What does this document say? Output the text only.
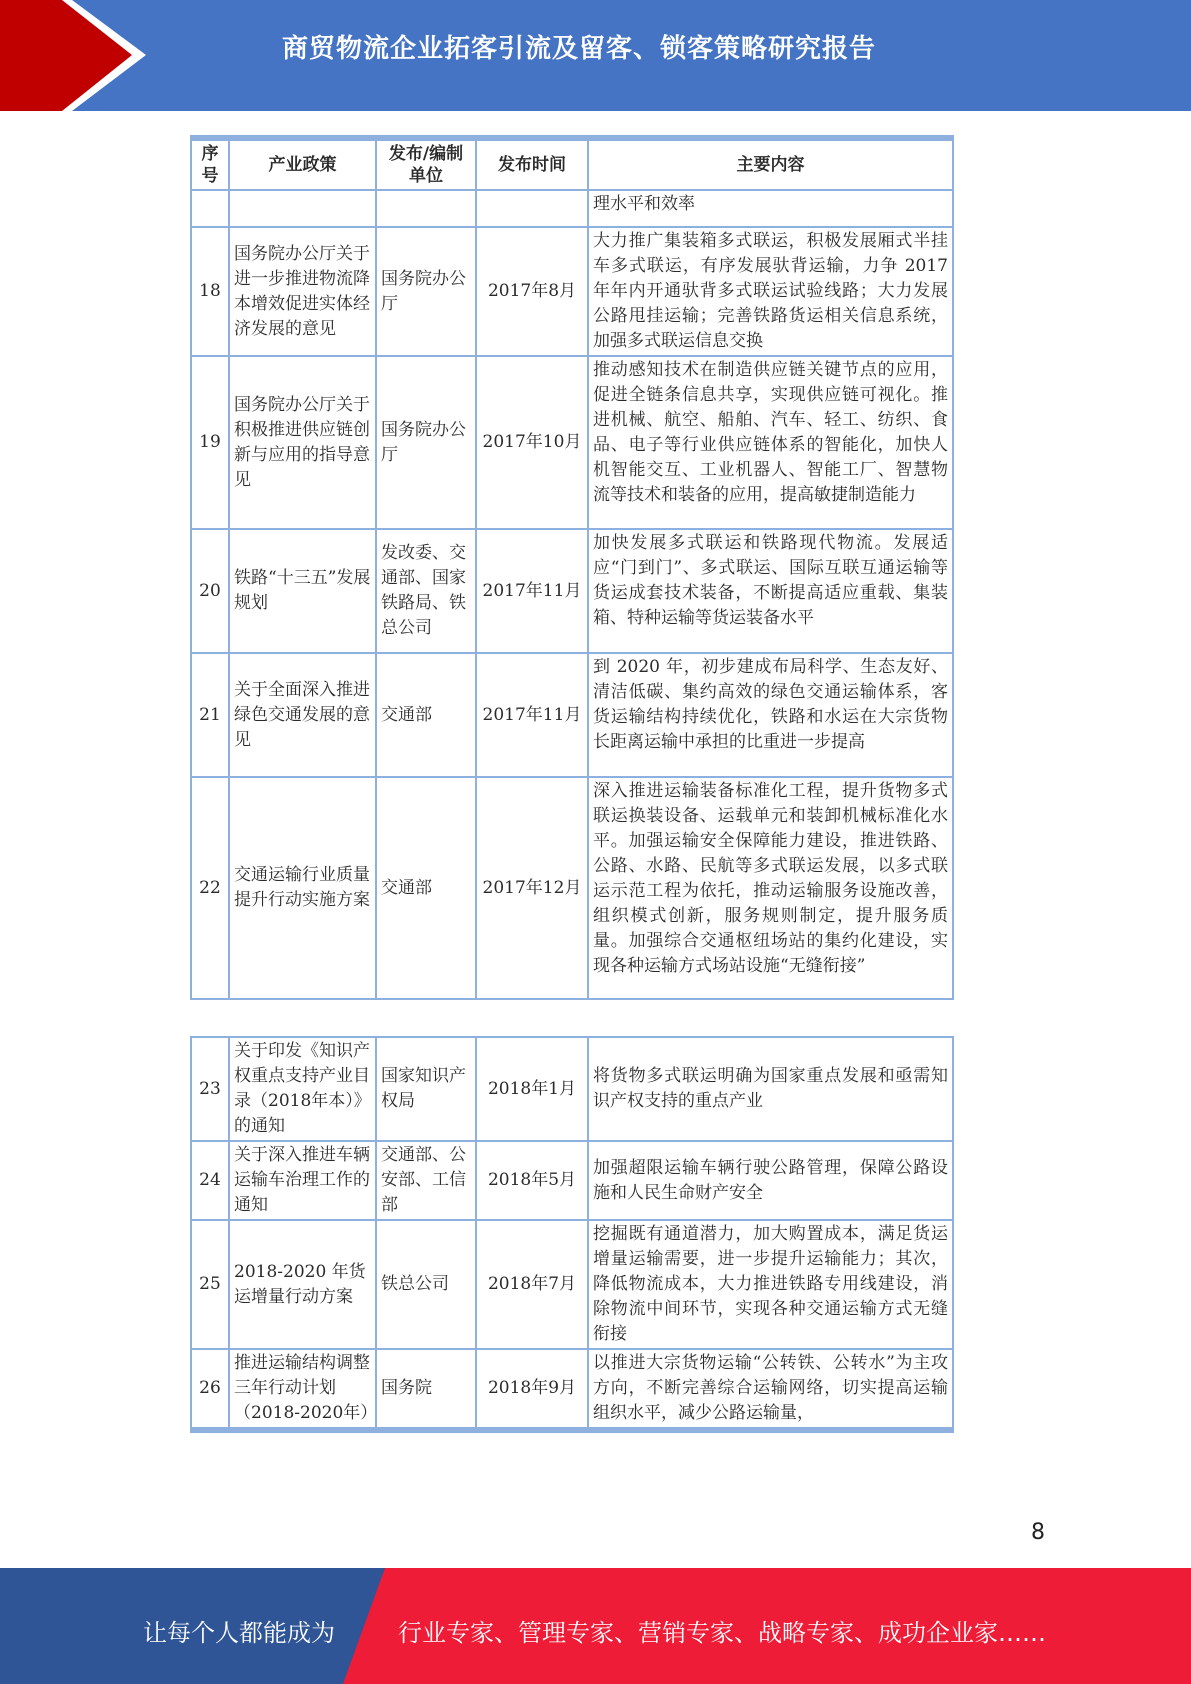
商贸物流企业拓客引流及留客、锁客策略研究报告
序号	产业政策	发布/编制单位	发布时间	主要内容
				理水平和效率
18	国务院办公厅关于进一步推进物流降本增效促进实体经济发展的意见	国务院办公厅	2017年8月	大力推广集装箱多式联运，积极发展厢式半挂车多式联运，有序发展驮背运输，力争 2017 年年内开通驮背多式联运试验线路；大力发展公路甩挂运输；完善铁路货运相关信息系统，加强多式联运信息交换
19	国务院办公厅关于积极推进供应链创新与应用的指导意见	国务院办公厅	2017年10月	推动感知技术在制造供应链关键节点的应用，促进全链条信息共享，实现供应链可视化。推进机械、航空、船舶、汽车、轻工、纺织、食品、电子等行业供应链体系的智能化，加快人机智能交互、工业机器人、智能工厂、智慧物流等技术和装备的应用，提高敏捷制造能力
20	铁路“十三五”发展规划	发改委、交通部、国家铁路局、铁总公司	2017年11月	加快发展多式联运和铁路现代物流。发展适应“门到门”、多式联运、国际互联互通运输等货运成套技术装备，不断提高适应重载、集装箱、特种运输等货运装备水平
21	关于全面深入推进绿色交通发展的意见	交通部	2017年11月	到 2020 年，初步建成布局科学、生态友好、清洁低碳、集约高效的绿色交通运输体系，客货运输结构持续优化，铁路和水运在大宗货物长距离运输中承担的比重进一步提高
22	交通运输行业质量提升行动实施方案	交通部	2017年12月	深入推进运输装备标准化工程，提升货物多式联运换装设备、运载单元和装卸机械标准化水平。加强运输安全保障能力建设，推进铁路、公路、水路、民航等多式联运发展，以多式联运示范工程为依托，推动运输服务设施改善，组织模式创新，服务规则制定，提升服务质量。加强综合交通枢纽场站的集约化建设，实现各种运输方式场站设施“无缝衔接”
23	关于印发《知识产权重点支持产业目录（2018年本）》的通知	国家知识产权局	2018年1月	将货物多式联运明确为国家重点发展和亟需知识产权支持的重点产业
24	关于深入推进车辆运输车治理工作的通知	交通部、公安部、工信部	2018年5月	加强超限运输车辆行驶公路管理，保障公路设施和人民生命财产安全
25	2018-2020 年货运增量行动方案	铁总公司	2018年7月	挖掘既有通道潜力，加大购置成本，满足货运增量运输需要，进一步提升运输能力；其次，降低物流成本，大力推进铁路专用线建设，消除物流中间环节，实现各种交通运输方式无缝衔接
26	推进运输结构调整三年行动计划（2018-2020年）	国务院	2018年9月	以推进大宗货物运输“公转铁、公转水”为主攻方向，不断完善综合运输网络，切实提高运输组织水平，减少公路运输量，
8
让每个人都能成为	行业专家、管理专家、营销专家、战略专家、成功企业家……
